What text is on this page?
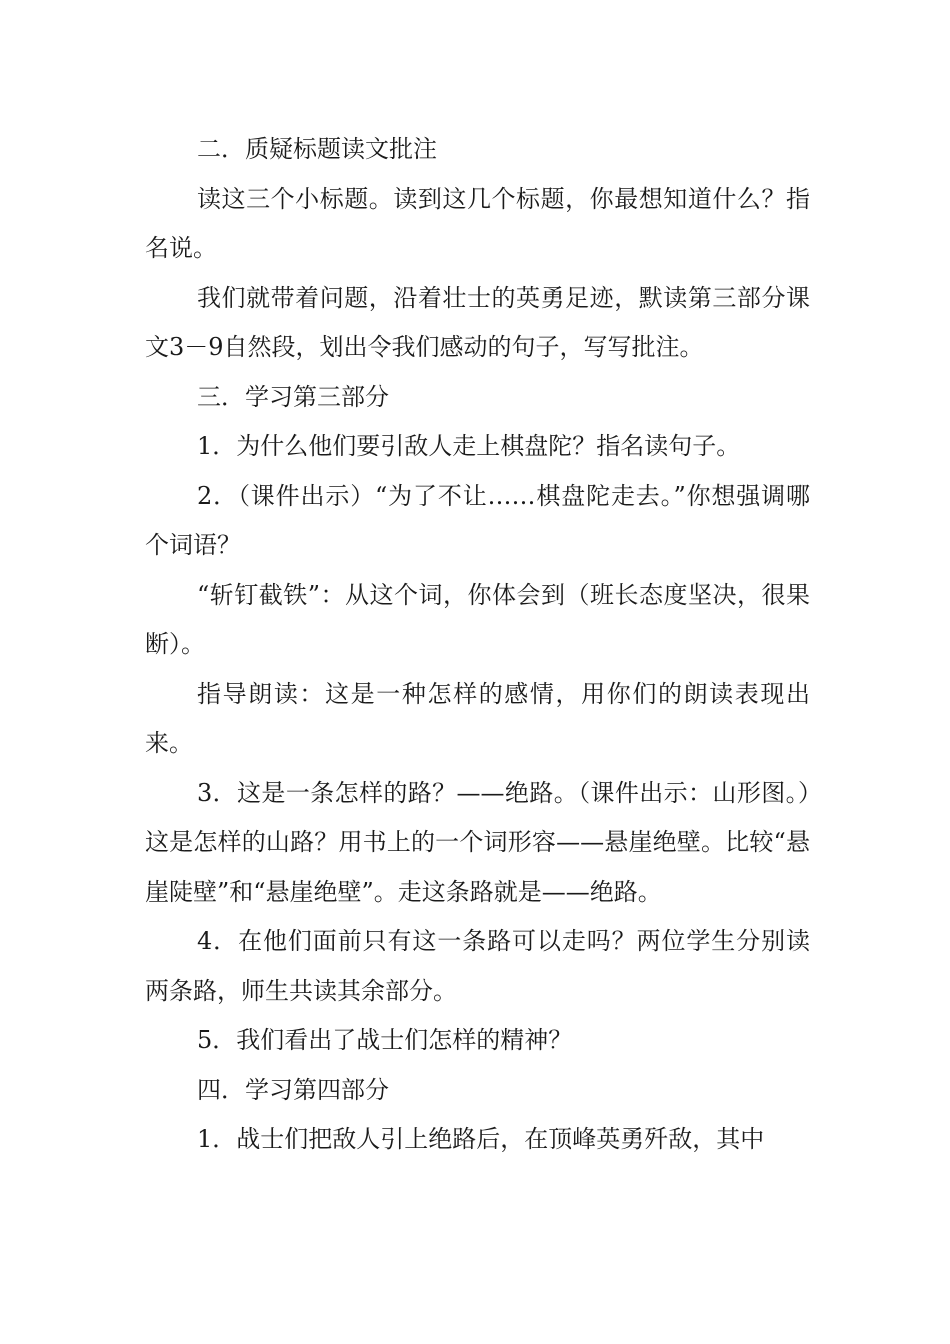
二．质疑标题读文批注

读这三个小标题。读到这几个标题，你最想知道什么？指名说。

我们就带着问题，沿着壮士的英勇足迹，默读第三部分课文3－9自然段，划出令我们感动的句子，写写批注。

三．学习第三部分

1．为什么他们要引敌人走上棋盘陀？指名读句子。

2．（课件出示）“为了不让……棋盘陀走去。”你想强调哪个词语？

“斩钉截铁”：从这个词，你体会到（班长态度坚决，很果断）。

指导朗读：这是一种怎样的感情，用你们的朗读表现出来。

3．这是一条怎样的路？——绝路。（课件出示：山形图。）这是怎样的山路？用书上的一个词形容——悬崖绝壁。比较“悬崖陡壁”和“悬崖绝壁”。走这条路就是——绝路。

4．在他们面前只有这一条路可以走吗？两位学生分别读两条路，师生共读其余部分。

5．我们看出了战士们怎样的精神？

四．学习第四部分

1．战士们把敌人引上绝路后，在顶峰英勇歼敌，其中
